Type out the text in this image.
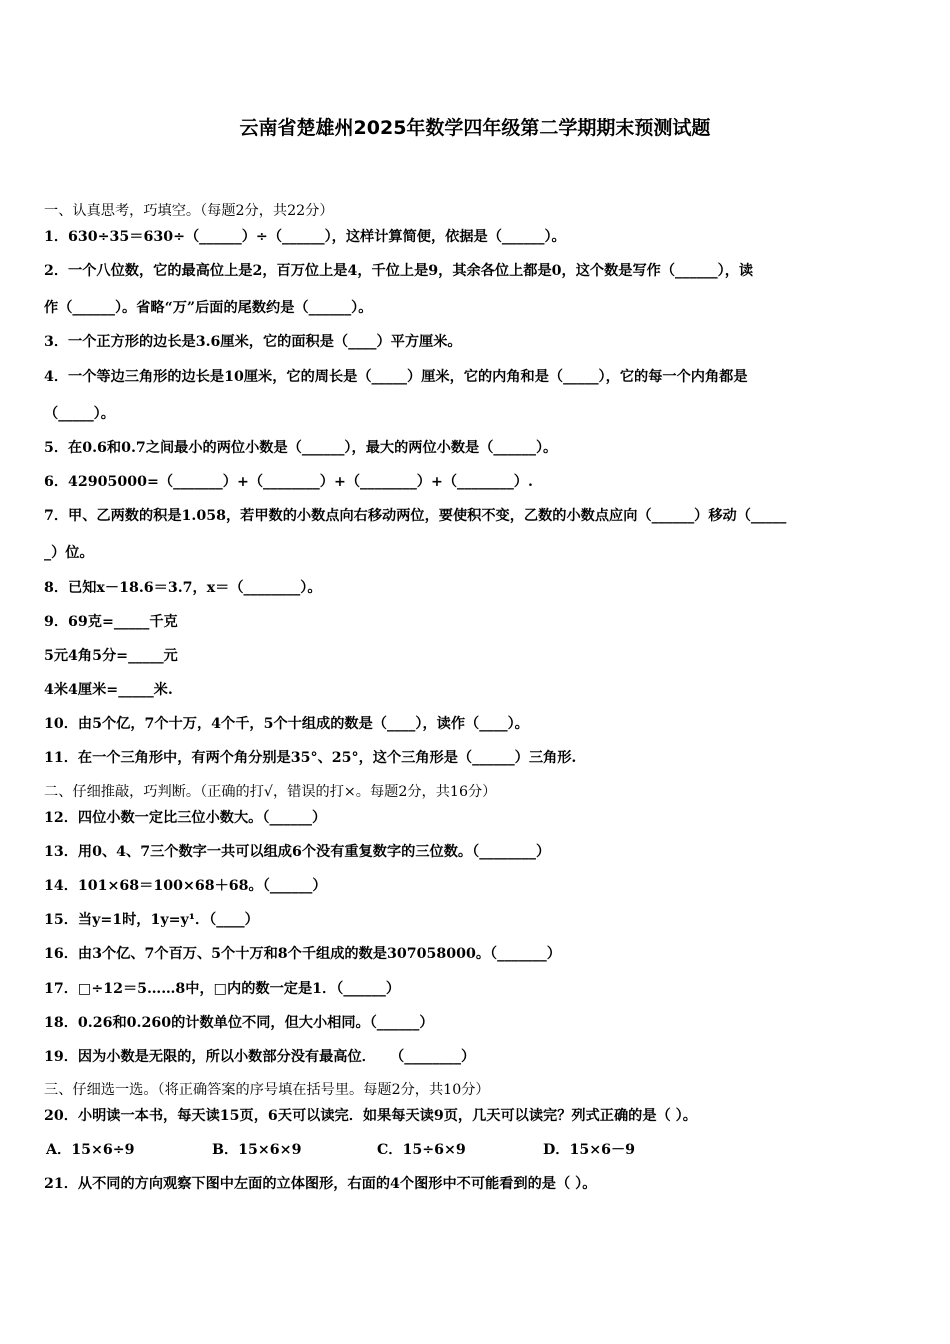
云南省楚雄州2025年数学四年级第二学期期末预测试题
一、认真思考，巧填空。（每题2分，共22分）
1．630÷35＝630÷（______）÷（______），这样计算简便，依据是（______）。
2．一个八位数，它的最高位上是2，百万位上是4，千位上是9，其余各位上都是0，这个数是写作（______），读
作（______）。省略“万”后面的尾数约是（______）。
3．一个正方形的边长是3.6厘米，它的面积是（____）平方厘米。
4．一个等边三角形的边长是10厘米，它的周长是（_____）厘米，它的内角和是（_____），它的每一个内角都是
（_____）。
5．在0.6和0.7之间最小的两位小数是（______），最大的两位小数是（______）。
6．42905000=（_______）+（________）+（________）+（________）.
7．甲、乙两数的积是1.058，若甲数的小数点向右移动两位，要使积不变，乙数的小数点应向（______）移动（_____
_）位。
8．已知x－18.6＝3.7，x＝（________）。
9．69克=_____千克
5元4角5分=_____元
4米4厘米=_____米.
10．由5个亿，7个十万，4个千，5个十组成的数是（____），读作（____）。
11．在一个三角形中，有两个角分别是35°、25°，这个三角形是（______）三角形.
二、仔细推敲，巧判断。（正确的打√，错误的打×。每题2分，共16分）
12．四位小数一定比三位小数大。（______）
13．用0、4、7三个数字一共可以组成6个没有重复数字的三位数。（________）
14．101×68＝100×68＋68。（______）
15．当y=1时，1y=y¹．（____）
16．由3个亿、7个百万、5个十万和8个千组成的数是307058000。（_______）
17．□÷12＝5……8中，□内的数一定是1．（______）
18．0.26和0.260的计数单位不同，但大小相同。（______）
19．因为小数是无限的，所以小数部分没有最高位．　　（________）
三、仔细选一选。（将正确答案的序号填在括号里。每题2分，共10分）
20．小明读一本书，每天读15页，6天可以读完．如果每天读9页，几天可以读完？列式正确的是（ ）。
A．15×6÷9	B．15×6×9	C．15÷6×9	D．15×6－9
21．从不同的方向观察下图中左面的立体图形，右面的4个图形中不可能看到的是（ ）。
